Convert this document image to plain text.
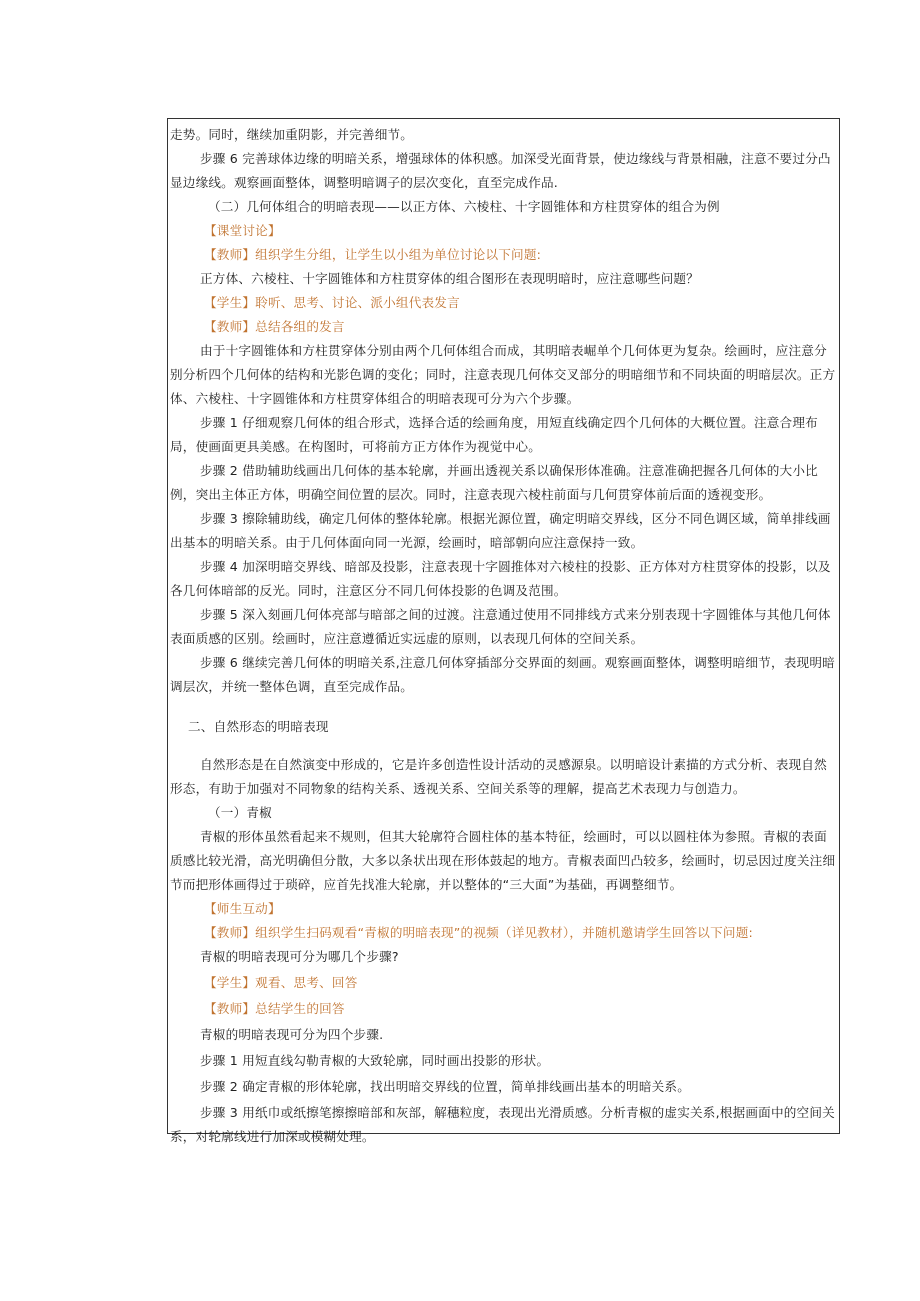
走势。同时，继续加重阴影，并完善细节。

步骤 6 完善球体边缘的明暗关系，增强球体的体积感。加深受光面背景，使边缘线与背景相融，注意不要过分凸显边缘线。观察画面整体，调整明暗调子的层次变化，直至完成作品.

（二）几何体组合的明暗表现——以正方体、六棱柱、十字圆锥体和方柱贯穿体的组合为例

【课堂讨论】

【教师】组织学生分组，让学生以小组为单位讨论以下问题:

正方体、六棱柱、十字圆锥体和方柱贯穿体的组合图形在表现明暗时，应注意哪些问题？

【学生】聆听、思考、讨论、派小组代表发言

【教师】总结各组的发言

由于十字圆锥体和方柱贯穿体分别由两个几何体组合而成，其明暗表崛单个几何体更为复杂。绘画时，应注意分别分析四个几何体的结构和光影色调的变化；同时，注意表现几何体交叉部分的明暗细节和不同块面的明暗层次。正方体、六棱柱、十字圆锥体和方柱贯穿体组合的明暗表现可分为六个步骤。

步骤 1 仔细观察几何体的组合形式，选择合适的绘画角度，用短直线确定四个几何体的大概位置。注意合理布局，使画面更具美感。在构图时，可将前方正方体作为视觉中心。

步骤 2 借助辅助线画出几何体的基本轮廓，并画出透视关系以确保形体准确。注意准确把握各几何体的大小比例，突出主体正方体，明确空间位置的层次。同时，注意表现六棱柱前面与几何贯穿体前后面的透视变形。

步骤 3 擦除辅助线，确定几何体的整体轮廓。根据光源位置，确定明暗交界线，区分不同色调区域，简单排线画出基本的明暗关系。由于几何体面向同一光源，绘画时，暗部朝向应注意保持一致。

步骤 4 加深明暗交界线、暗部及投影，注意表现十字圆推体对六棱柱的投影、正方体对方柱贯穿体的投影，以及各几何体暗部的反光。同时，注意区分不同几何体投影的色调及范围。

步骤 5 深入刻画几何体亮部与暗部之间的过渡。注意通过使用不同排线方式来分别表现十字圆锥体与其他几何体表面质感的区别。绘画时，应注意遵循近实远虚的原则，以表现几何体的空间关系。

步骤 6 继续完善几何体的明暗关系,注意几何体穿插部分交界面的刻画。观察画面整体，调整明暗细节，表现明暗调层次，并统一整体色调，直至完成作品。

二、自然形态的明暗表现

自然形态是在自然演变中形成的，它是许多创造性设计活动的灵感源泉。以明暗设计素描的方式分析、表现自然形态，有助于加强对不同物象的结构关系、透视关系、空间关系等的理解，提高艺术表现力与创造力。

（一）青椒

青椒的形体虽然看起来不规则，但其大轮廓符合圆柱体的基本特征，绘画时，可以以圆柱体为参照。青椒的表面质感比较光滑，高光明确但分散，大多以条状出现在形体鼓起的地方。青椒表面凹凸较多，绘画时，切忌因过度关注细节而把形体画得过于琐碎，应首先找准大轮廓，并以整体的“三大面”为基础，再调整细节。

【师生互动】

【教师】组织学生扫码观看“青椒的明暗表现”的视频（详见教材），并随机邀请学生回答以下问题:

青椒的明暗表现可分为哪几个步骤?

【学生】观看、思考、回答

【教师】总结学生的回答

青椒的明暗表现可分为四个步骤.

步骤 1 用短直线勾勒青椒的大致轮廓，同时画出投影的形状。

步骤 2 确定青椒的形体轮廓，找出明暗交界线的位置，简单排线画出基本的明暗关系。

步骤 3 用纸巾或纸擦笔擦擦暗部和灰部，解穗粒度，表现出光滑质感。分析青椒的虚实关系,根据画面中的空间关系，对轮廓线进行加深或模糊处理。
